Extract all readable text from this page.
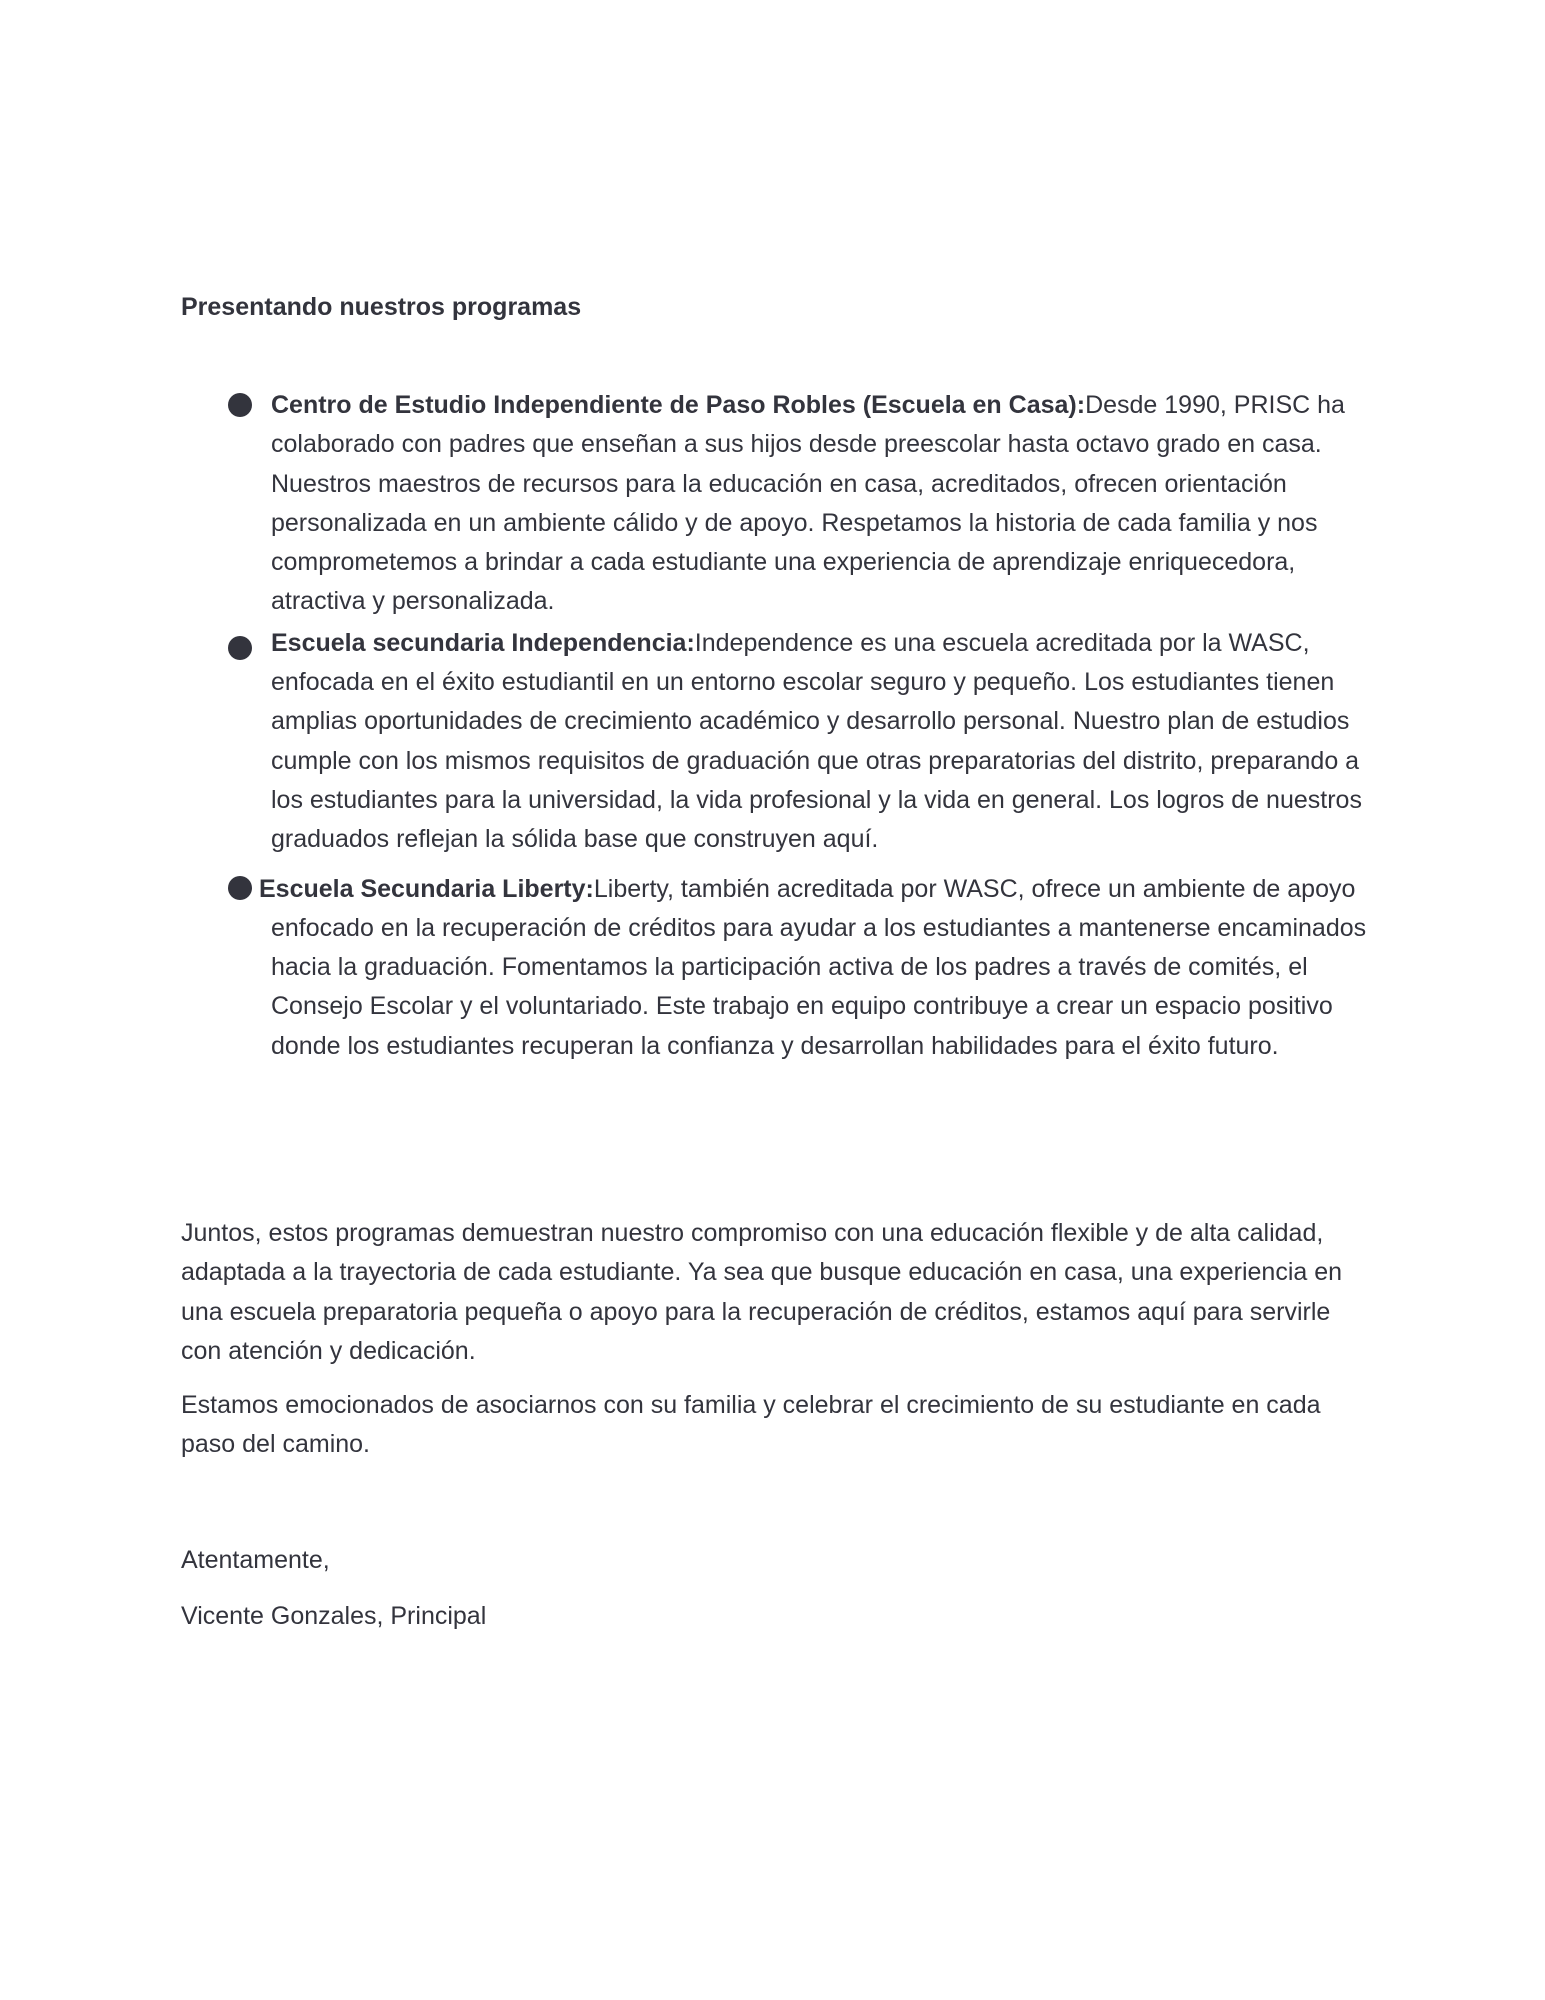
Presentando nuestros programas
Centro de Estudio Independiente de Paso Robles (Escuela en Casa):Desde 1990, PRISC ha colaborado con padres que enseñan a sus hijos desde preescolar hasta octavo grado en casa. Nuestros maestros de recursos para la educación en casa, acreditados, ofrecen orientación personalizada en un ambiente cálido y de apoyo. Respetamos la historia de cada familia y nos comprometemos a brindar a cada estudiante una experiencia de aprendizaje enriquecedora, atractiva y personalizada.
Escuela secundaria Independencia:Independence es una escuela acreditada por la WASC, enfocada en el éxito estudiantil en un entorno escolar seguro y pequeño. Los estudiantes tienen amplias oportunidades de crecimiento académico y desarrollo personal. Nuestro plan de estudios cumple con los mismos requisitos de graduación que otras preparatorias del distrito, preparando a los estudiantes para la universidad, la vida profesional y la vida en general. Los logros de nuestros graduados reflejan la sólida base que construyen aquí.
Escuela Secundaria Liberty:Liberty, también acreditada por WASC, ofrece un ambiente de apoyo enfocado en la recuperación de créditos para ayudar a los estudiantes a mantenerse encaminados hacia la graduación. Fomentamos la participación activa de los padres a través de comités, el Consejo Escolar y el voluntariado. Este trabajo en equipo contribuye a crear un espacio positivo donde los estudiantes recuperan la confianza y desarrollan habilidades para el éxito futuro.

Juntos, estos programas demuestran nuestro compromiso con una educación flexible y de alta calidad, adaptada a la trayectoria de cada estudiante. Ya sea que busque educación en casa, una experiencia en una escuela preparatoria pequeña o apoyo para la recuperación de créditos, estamos aquí para servirle con atención y dedicación.

Estamos emocionados de asociarnos con su familia y celebrar el crecimiento de su estudiante en cada paso del camino.

Atentamente,

Vicente Gonzales, Principal
